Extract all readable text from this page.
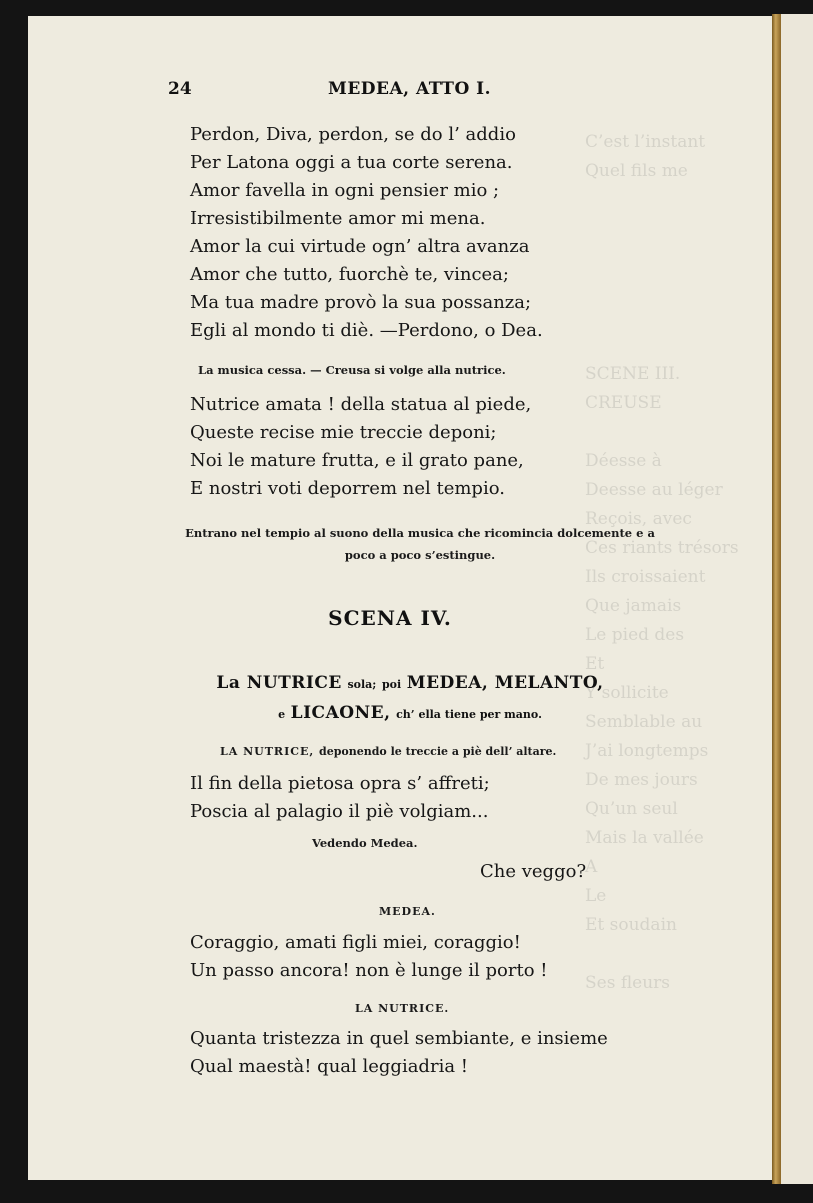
24	MEDEA, ATTO I.
Perdon, Diva, perdon, se do l’ addio
Per Latona oggi a tua corte serena.
Amor favella in ogni pensier mio ;
Irresistibilmente amor mi mena.
Amor la cui virtude ogn’ altra avanza
Amor che tutto, fuorchè te, vincea;
Ma tua madre provò la sua possanza;
Egli al mondo ti diè. —Perdono, o Dea.
La musica cessa. — Creusa si volge alla nutrice.
Nutrice amata ! della statua al piede,
Queste recise mie treccie deponi;
Noi le mature frutta, e il grato pane,
E nostri voti deporrem nel tempio.
Entrano nel tempio al suono della musica che ricomincia dolcemente e a
poco a poco s’estingue.
SCENA IV.
La NUTRICE sola; poi MEDEA, MELANTO,
e LICAONE, ch’ ella tiene per mano.
LA NUTRICE, deponendo le treccie a piè dell’ altare.
Il fin della pietosa opra s’ affreti;
Poscia al palagio il piè volgiam...
Vedendo Medea.
Che veggo?
MEDEA.
Coraggio, amati figli miei, coraggio!
Un passo ancora! non è lunge il porto !
LA NUTRICE.
Quanta tristezza in quel sembiante, e insieme
Qual maestà! qual leggiadria !
